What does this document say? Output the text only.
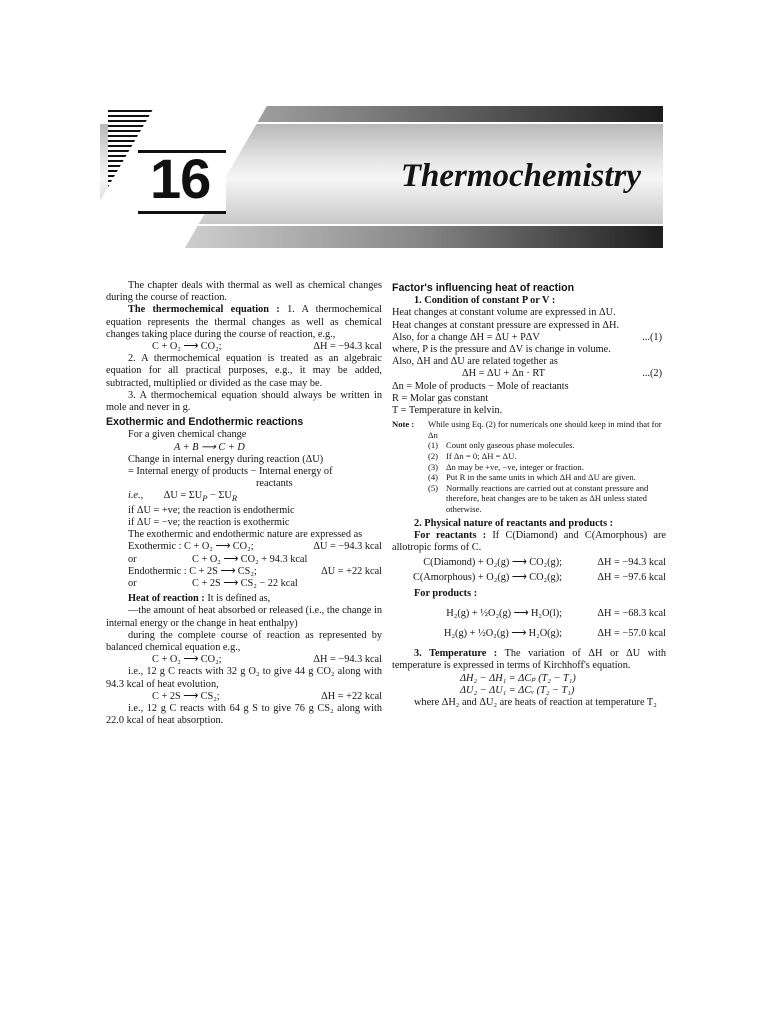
16	Thermochemistry

The chapter deals with thermal as well as chemical changes during the course of reaction.

The thermochemical equation : 1. A thermochemical equation represents the thermal changes as well as chemical changes taking place during the course of reaction, e.g.,

C + O₂ ⟶ CO₂;	ΔH = −94.3 kcal

2. A thermochemical equation is treated as an algebraic equation for all practical purposes, e.g., it may be added, subtracted, multiplied or divided as the case may be.

3. A thermochemical equation should always be written in mole and never in g.

Exothermic and Endothermic reactions
For a given chemical change
A + B ⟶ C + D
Change in internal energy during reaction (ΔU)
= Internal energy of products − Internal energy of
reactants
i.e., $\Delta U = \Sigma U_P - \Sigma U_R$
if ΔU = +ve; the reaction is endothermic
if ΔU = −ve; the reaction is exothermic
The exothermic and endothermic nature are expressed as
Exothermic : C + O₂ ⟶ CO₂;	ΔU = −94.3 kcal
or	C + O₂ ⟶ CO₂ + 94.3 kcal
Endothermic : C + 2S ⟶ CS₂;	ΔU = +22 kcal
or	C + 2S ⟶ CS₂ − 22 kcal

Heat of reaction : It is defined as,

—the amount of heat absorbed or released (i.e., the change in internal energy or the change in heat enthalpy)

during the complete course of reaction as represented by balanced chemical equation e.g.,

C + O₂ ⟶ CO₂;	ΔH = −94.3 kcal

i.e., 12 g C reacts with 32 g O₂ to give 44 g CO₂ along with 94.3 kcal of heat evolution,

C + 2S ⟶ CS₂;	ΔH = +22 kcal

i.e., 12 g C reacts with 64 g S to give 76 g CS₂ along with 22.0 kcal of heat absorption.

Factor's influencing heat of reaction
1. Condition of constant P or V :
Heat changes at constant volume are expressed in ΔU.
Heat changes at constant pressure are expressed in ΔH.
Also, for a change ΔH = ΔU + PΔV	...(1)
where, P is the pressure and ΔV is change in volume.
Also, ΔH and ΔU are related together as
ΔH = ΔU + Δn · RT	...(2)
Δn = Mole of products − Mole of reactants
R = Molar gas constant
T = Temperature in kelvin.
Note :	While using Eq. (2) for numericals one should keep in mind that for Δn
(1) Count only gaseous phase molecules.
(2) If Δn = 0; ΔH = ΔU.
(3) Δn may be +ve, −ve, integer or fraction.
(4) Put R in the same units in which ΔH and ΔU are given.
(5) Normally reactions are carried out at constant pressure and therefore, heat changes are to be taken as ΔH unless stated otherwise.
2. Physical nature of reactants and products :

For reactants : If C(Diamond) and C(Amorphous) are allotropic forms of C.

C(Diamond) + O₂(g) ⟶ CO₂(g);	ΔH = −94.3 kcal
C(Amorphous) + O₂(g) ⟶ CO₂(g);	ΔH = −97.6 kcal
For products :
H₂(g) + ½O₂(g) ⟶ H₂O(l);	ΔH = −68.3 kcal
H₂(g) + ½O₂(g) ⟶ H₂O(g);	ΔH = −57.0 kcal

3. Temperature : The variation of ΔH or ΔU with temperature is expressed in terms of Kirchhoff's equation.

ΔH₂ − ΔH₁ = ΔCₚ (T₂ − T₁)
ΔU₂ − ΔU₁ = ΔCᵥ (T₂ − T₁)
where ΔH₂ and ΔU₂ are heats of reaction at temperature T₂
